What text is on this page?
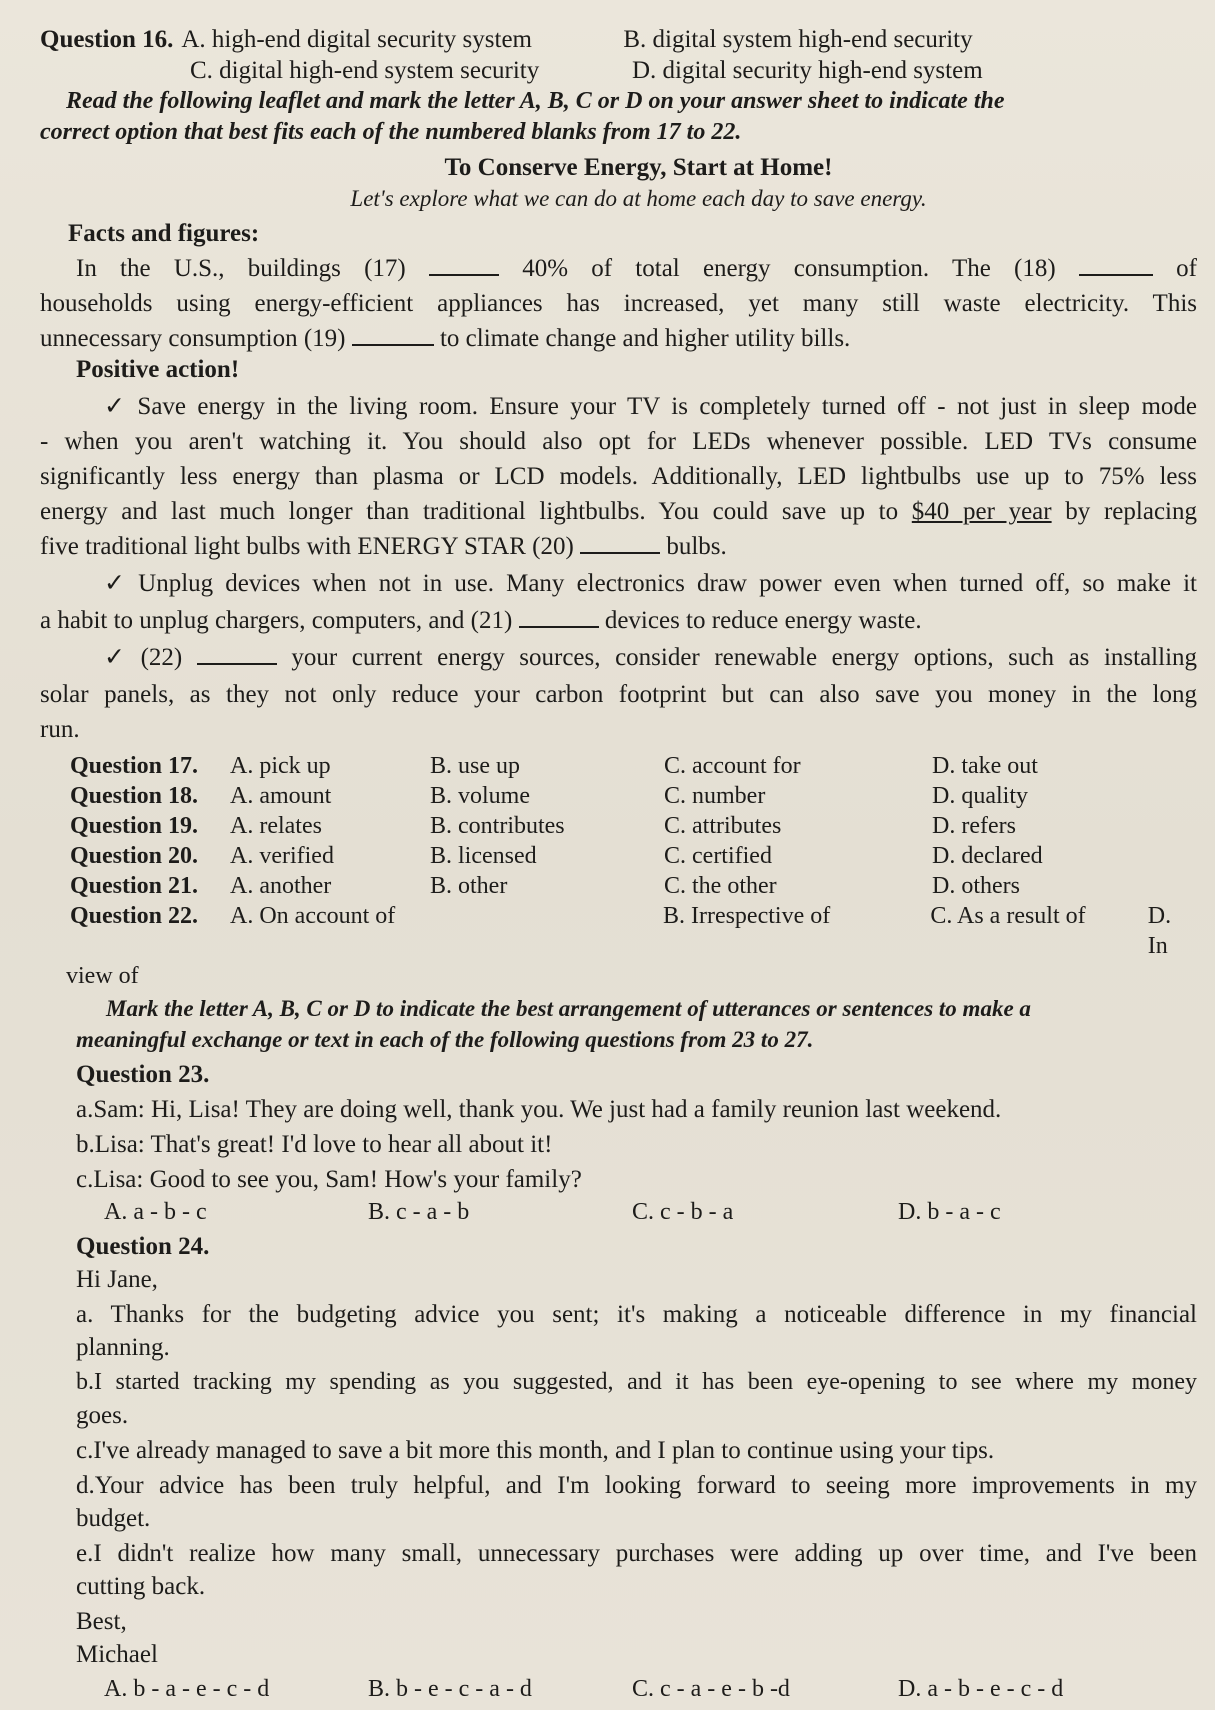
Question 16. A. high-end digital security system	B. digital system high-end security
C. digital high-end system security	D. digital security high-end system
Read the following leaflet and mark the letter A, B, C or D on your answer sheet to indicate the
correct option that best fits each of the numbered blanks from 17 to 22.
To Conserve Energy, Start at Home!
Let's explore what we can do at home each day to save energy.
Facts and figures:
In the U.S., buildings (17)	40% of total energy consumption. The (18)	of
households using energy-efficient appliances has increased, yet many still waste electricity. This
unnecessary consumption (19)	to climate change and higher utility bills.
Positive action!
✓ Save energy in the living room. Ensure your TV is completely turned off - not just in sleep mode
- when you aren't watching it. You should also opt for LEDs whenever possible. LED TVs consume
significantly less energy than plasma or LCD models. Additionally, LED lightbulbs use up to 75% less
energy and last much longer than traditional lightbulbs. You could save up to $40 per year by replacing
five traditional light bulbs with ENERGY STAR (20)	bulbs.
✓ Unplug devices when not in use. Many electronics draw power even when turned off, so make it
a habit to unplug chargers, computers, and (21)	devices to reduce energy waste.
✓ (22)	your current energy sources, consider renewable energy options, such as installing
solar panels, as they not only reduce your carbon footprint but can also save you money in the long
run.
Question 17.	A. pick up	B. use up	C. account for	D. take out
Question 18.	A. amount	B. volume	C. number	D. quality
Question 19.	A. relates	B. contributes	C. attributes	D. refers
Question 20.	A. verified	B. licensed	C. certified	D. declared
Question 21.	A. another	B. other	C. the other	D. others
Question 22.	A. On account of	B. Irrespective of	C. As a result of	D. In
view of
Mark the letter A, B, C or D to indicate the best arrangement of utterances or sentences to make a
meaningful exchange or text in each of the following questions from 23 to 27.
Question 23.
a.Sam: Hi, Lisa! They are doing well, thank you. We just had a family reunion last weekend.
b.Lisa: That's great! I'd love to hear all about it!
c.Lisa: Good to see you, Sam! How's your family?
A. a - b - c	B. c - a - b	C. c - b - a	D. b - a - c
Question 24.
Hi Jane,
a. Thanks for the budgeting advice you sent; it's making a noticeable difference in my financial
planning.
b.I started tracking my spending as you suggested, and it has been eye-opening to see where my money
goes.
c.I've already managed to save a bit more this month, and I plan to continue using your tips.
d.Your advice has been truly helpful, and I'm looking forward to seeing more improvements in my
budget.
e.I didn't realize how many small, unnecessary purchases were adding up over time, and I've been
cutting back.
Best,
Michael
A. b - a - e - c - d	B. b - e - c - a - d	C. c - a - e - b -d	D. a - b - e - c - d
